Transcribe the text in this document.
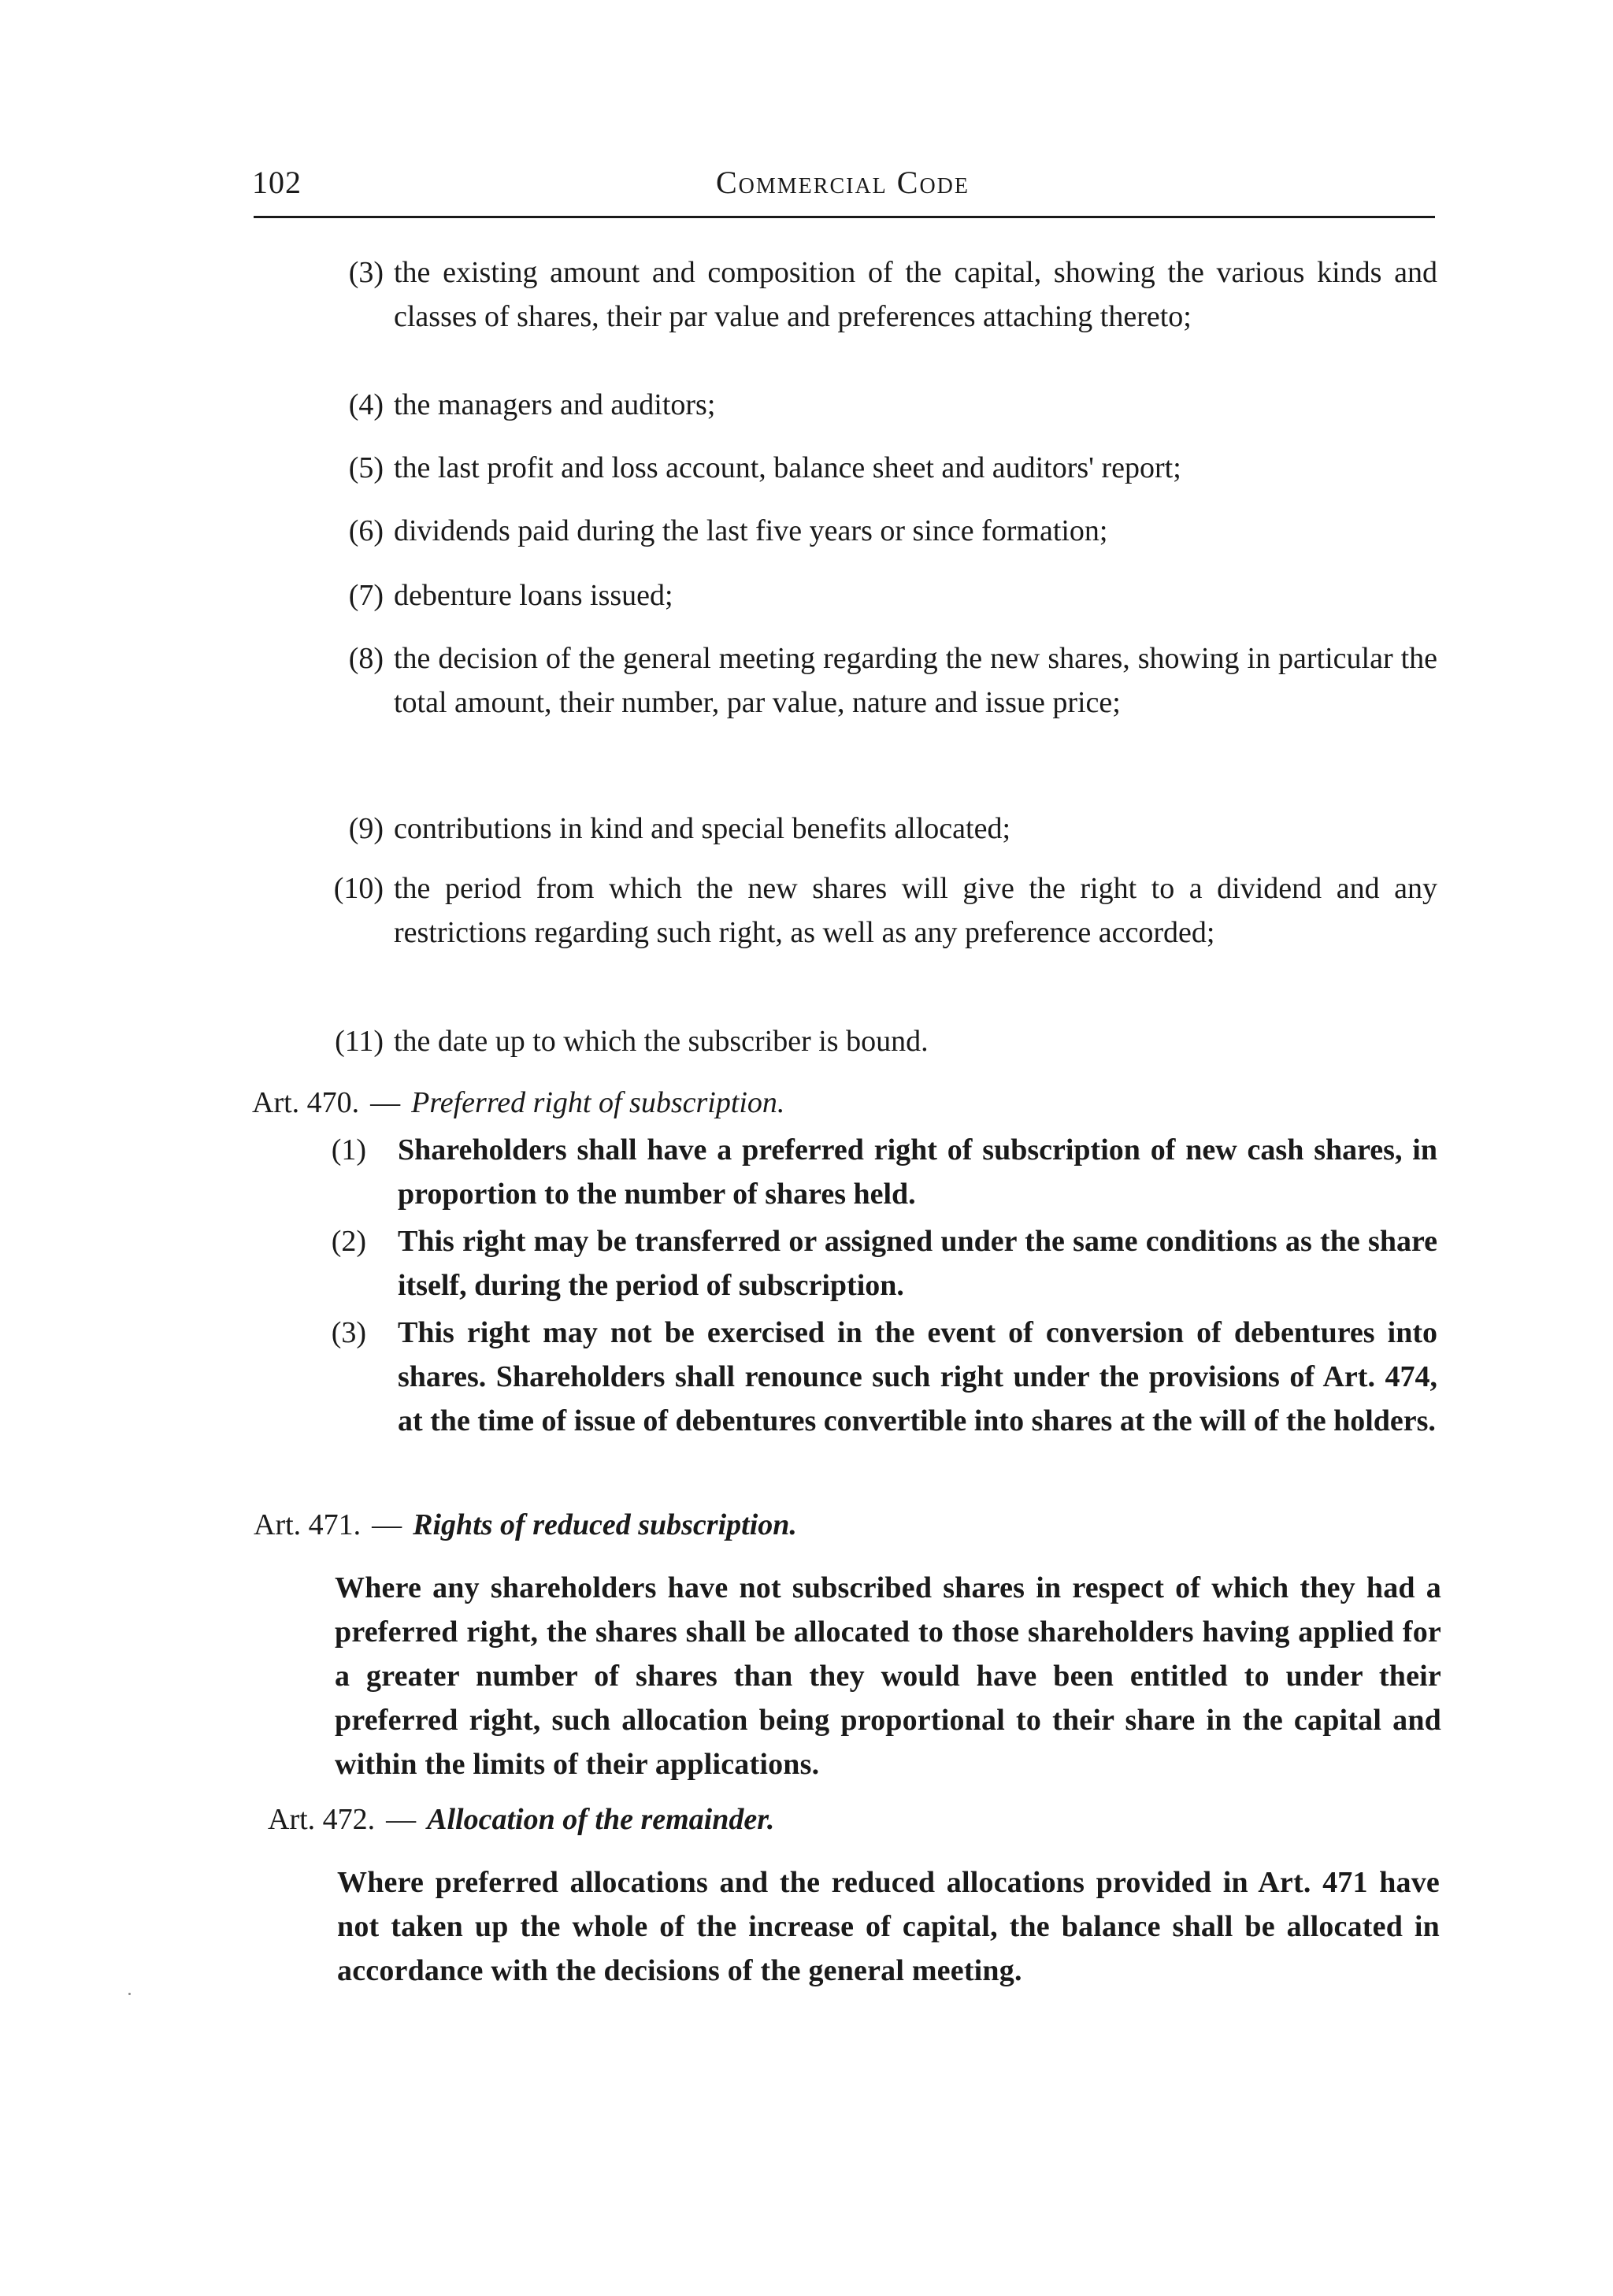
102	Commercial Code
(3) the existing amount and composition of the capital, showing the various kinds and classes of shares, their par value and preferences attaching thereto;
(4) the managers and auditors;
(5) the last profit and loss account, balance sheet and auditors' report;
(6) dividends paid during the last five years or since formation;
(7) debenture loans issued;
(8) the decision of the general meeting regarding the new shares, showing in particular the total amount, their number, par value, nature and issue price;
(9) contributions in kind and special benefits allocated;
(10) the period from which the new shares will give the right to a dividend and any restrictions regarding such right, as well as any preference accorded;
(11) the date up to which the subscriber is bound.
Art. 470. — Preferred right of subscription.
(1) Shareholders shall have a preferred right of subscription of new cash shares, in proportion to the number of shares held.
(2) This right may be transferred or assigned under the same conditions as the share itself, during the period of subscription.
(3) This right may not be exercised in the event of conversion of debentures into shares. Shareholders shall renounce such right under the provisions of Art. 474, at the time of issue of debentures convertible into shares at the will of the holders.
Art. 471. — Rights of reduced subscription.
Where any shareholders have not subscribed shares in respect of which they had a preferred right, the shares shall be allocated to those shareholders having applied for a greater number of shares than they would have been entitled to under their preferred right, such allocation being proportional to their share in the capital and within the limits of their applications.
Art. 472. — Allocation of the remainder.
Where preferred allocations and the reduced allocations provided in Art. 471 have not taken up the whole of the increase of capital, the balance shall be allocated in accordance with the decisions of the general meeting.
